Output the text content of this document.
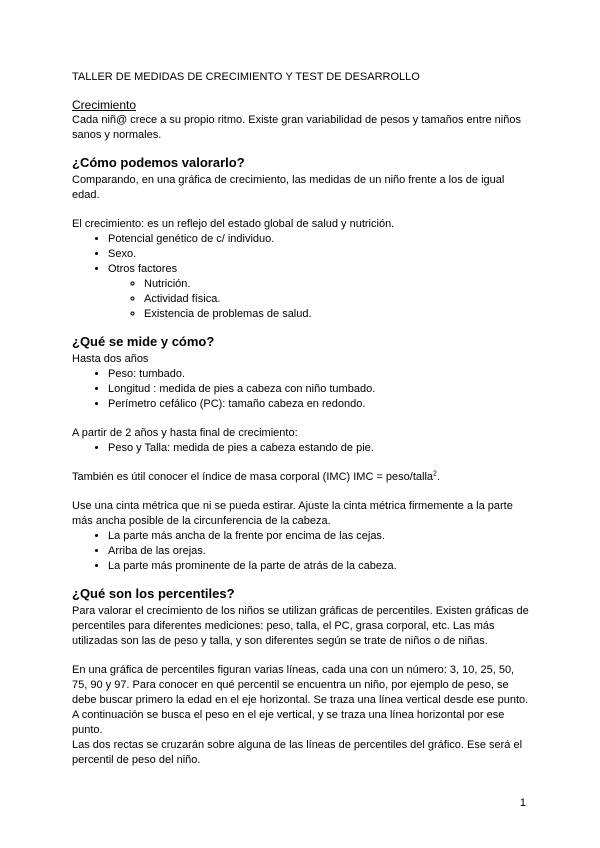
TALLER DE MEDIDAS DE CRECIMIENTO Y TEST DE DESARROLLO

Crecimiento

Cada niñ@ crece a su propio ritmo. Existe gran variabilidad de pesos y tamaños entre niños sanos y normales.

¿Cómo podemos valorarlo?

Comparando, en una gráfica de crecimiento, las medidas de un niño frente a los de igual edad.

El crecimiento: es un reflejo del estado global de salud y nutrición.

• Potencial genético de c/ individuo.
• Sexo.
• Otros factores
◦ Nutrición.
◦ Actividad física.
◦ Existencia de problemas de salud.
¿Qué se mide y cómo?

Hasta dos años

• Peso: tumbado.
• Longitud : medida de pies a cabeza con niño tumbado.
• Perímetro cefálico (PC): tamaño cabeza en redondo.

A partir de 2 años y hasta final de crecimiento:

• Peso y Talla: medida de pies a cabeza estando de pie.

También es útil conocer el índice de masa corporal (IMC) IMC = peso/talla$^2$.

Use una cinta métrica que ni se pueda estirar. Ajuste la cinta métrica firmemente a la parte más ancha posible de la circunferencia de la cabeza.

• La parte más ancha de la frente por encima de las cejas.
• Arriba de las orejas.
• La parte más prominente de la parte de atrás de la cabeza.
¿Qué son los percentiles?

Para valorar el crecimiento de los niños se utilizan gráficas de percentiles. Existen gráficas de percentiles para diferentes mediciones: peso, talla, el PC, grasa corporal, etc. Las más utilizadas son las de peso y talla, y son diferentes según se trate de niños o de niñas.

En una gráfica de percentiles figuran varias líneas, cada una con un número: 3, 10, 25, 50, 75, 90 y 97. Para conocer en qué percentil se encuentra un niño, por ejemplo de peso, se debe buscar primero la edad en el eje horizontal. Se traza una línea vertical desde ese punto. A continuación se busca el peso en el eje vertical, y se traza una línea horizontal por ese punto.

Las dos rectas se cruzarán sobre alguna de las líneas de percentiles del gráfico. Ese será el percentil de peso del niño.

1
